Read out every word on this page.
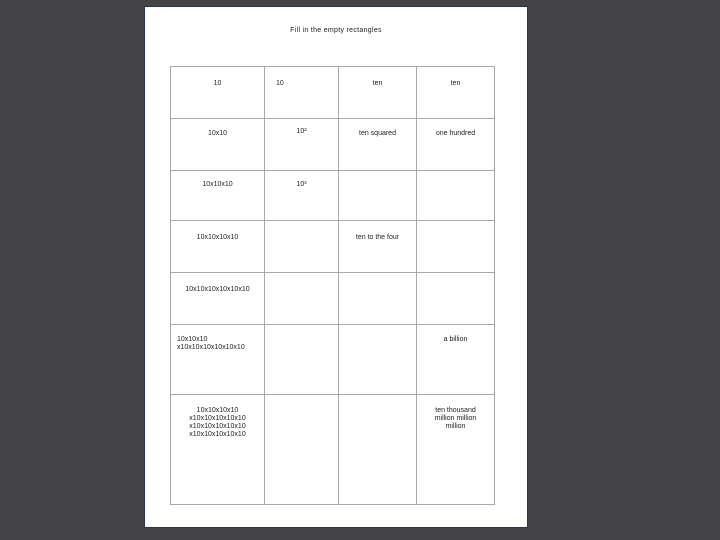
Fill in the empty rectangles
10	10	ten	ten

10x10	10²	ten squared	one hundred

10x10x10	10³		

10x10x10x10		ten to the four	

10x10x10x10x10x10			

10x10x10
x10x10x10x10x10x10			a billion

10x10x10x10
x10x10x10x10x10
x10x10x10x10x10
x10x10x10x10x10			ten thousand
million million
million
